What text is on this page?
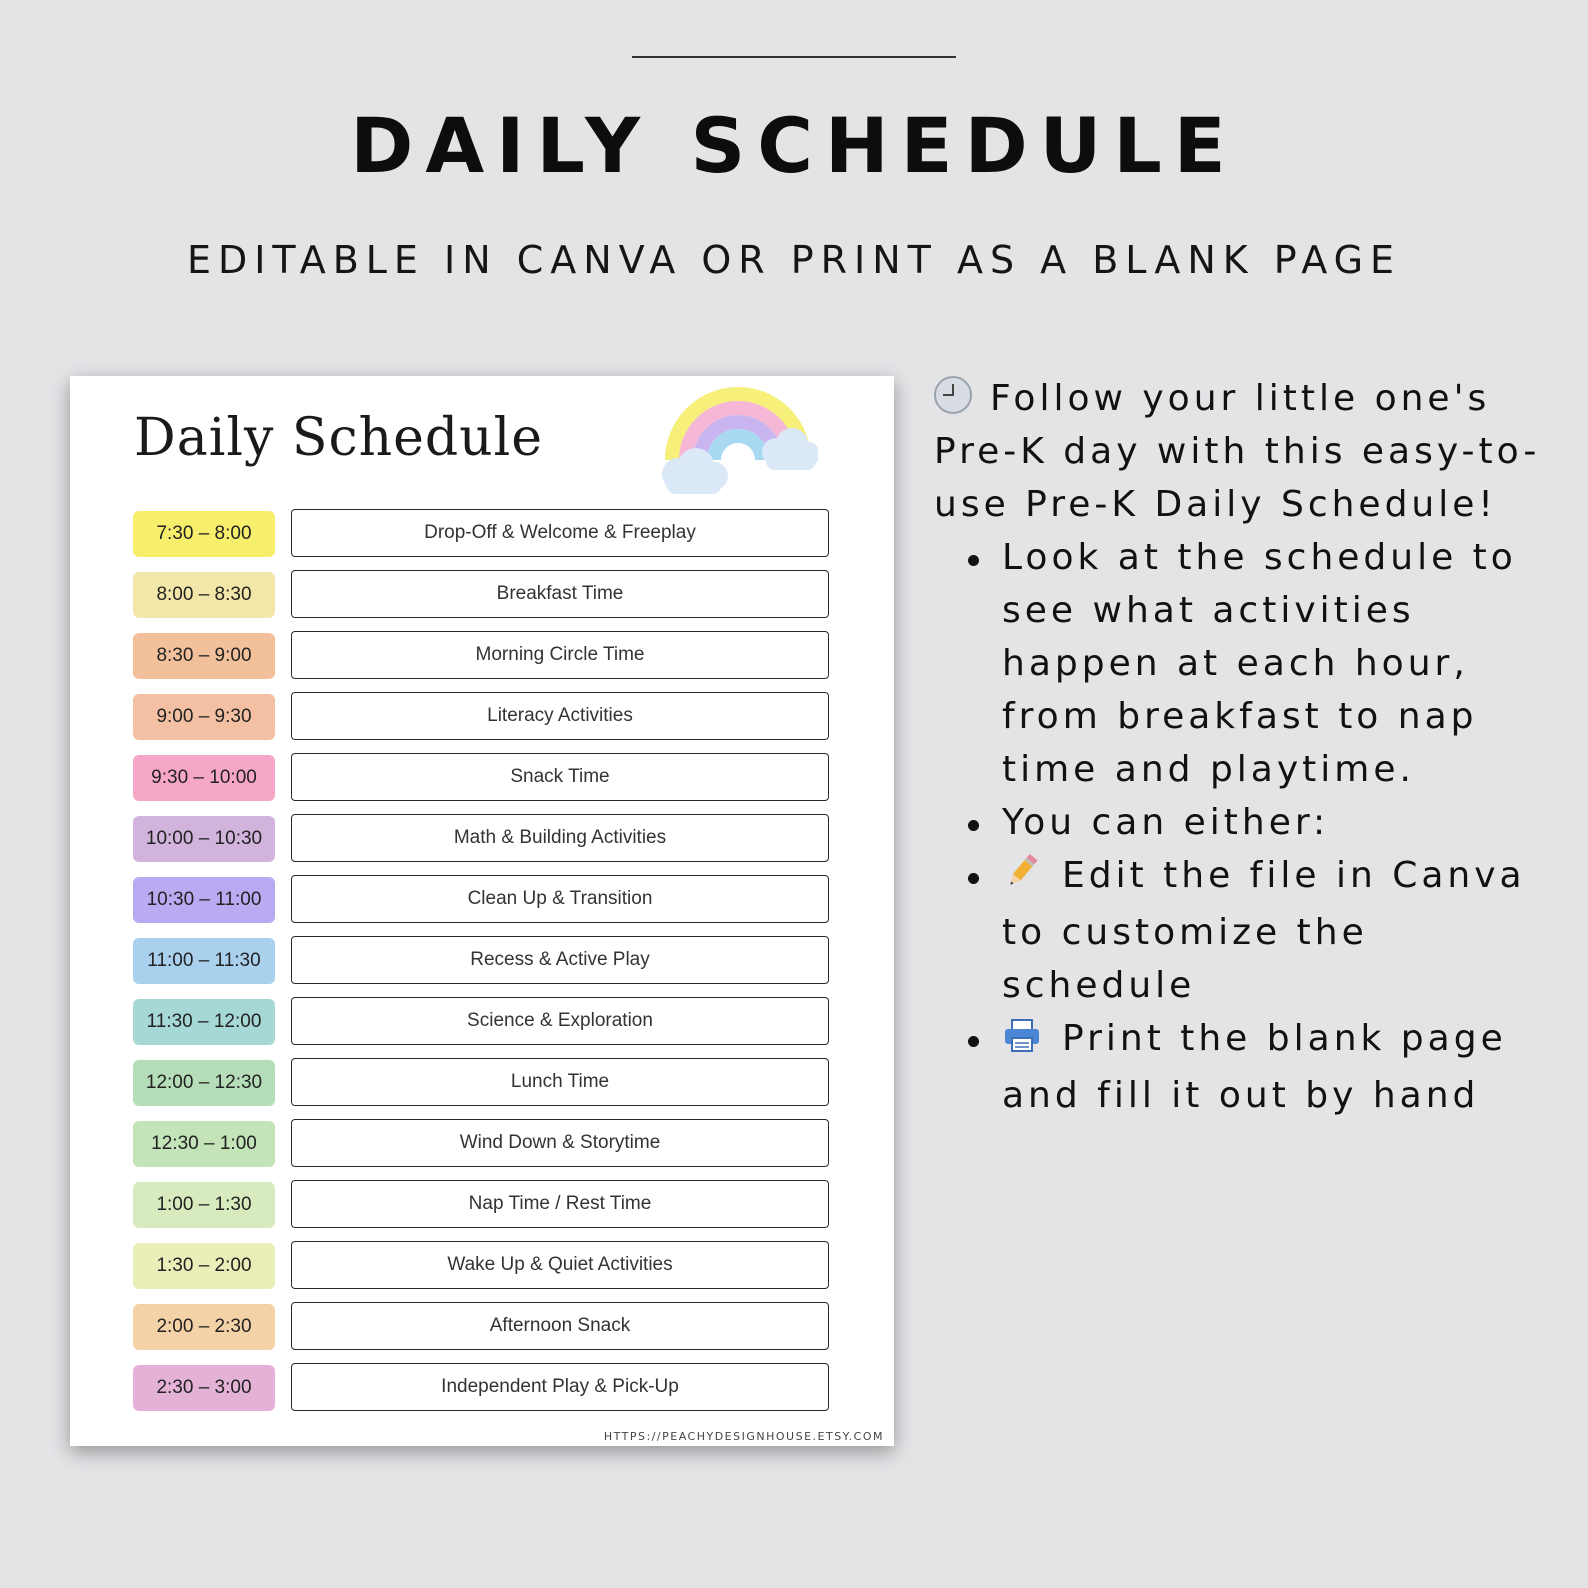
DAILY SCHEDULE
EDITABLE IN CANVA OR PRINT AS A BLANK PAGE
Daily Schedule
7:30 – 8:00	Drop-Off & Welcome & Freeplay
8:00 – 8:30	Breakfast Time
8:30 – 9:00	Morning Circle Time
9:00 – 9:30	Literacy Activities
9:30 – 10:00	Snack Time
10:00 – 10:30	Math & Building Activities
10:30 – 11:00	Clean Up & Transition
11:00 – 11:30	Recess & Active Play
11:30 – 12:00	Science & Exploration
12:00 – 12:30	Lunch Time
12:30 – 1:00	Wind Down & Storytime
1:00 – 1:30	Nap Time / Rest Time
1:30 – 2:00	Wake Up & Quiet Activities
2:00 – 2:30	Afternoon Snack
2:30 – 3:00	Independent Play & Pick-Up
HTTPS://PEACHYDESIGNHOUSE.ETSY.COM

Follow your little one's Pre-K day with this easy-to-use Pre-K Daily Schedule!

Look at the schedule to see what activities happen at each hour, from breakfast to nap time and playtime.
You can either:
Edit the file in Canva to customize the schedule
Print the blank page and fill it out by hand
